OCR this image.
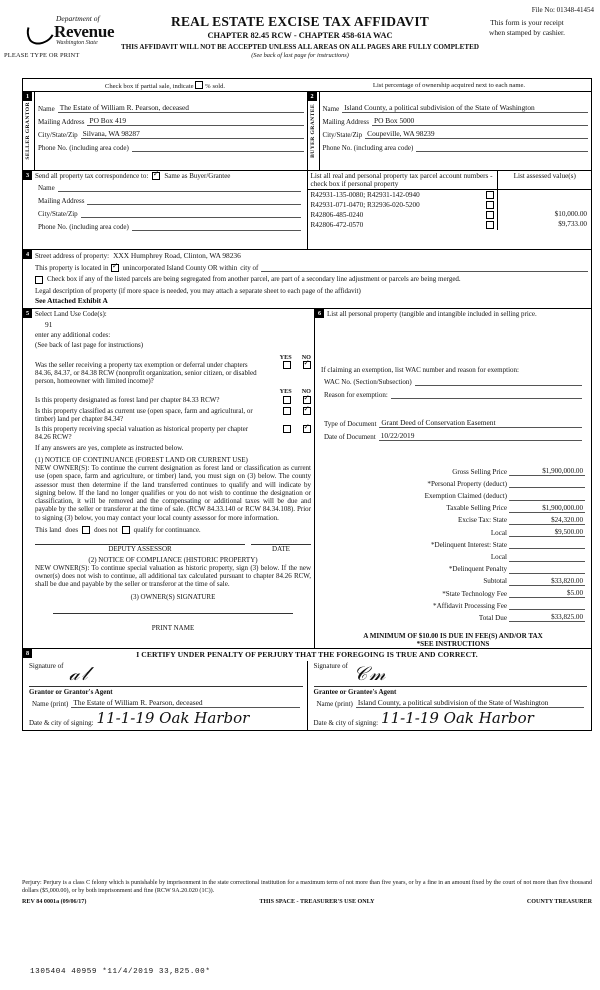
File No: 01348-41454
Department of
Revenue
Washington State
PLEASE TYPE OR PRINT
REAL ESTATE EXCISE TAX AFFIDAVIT
CHAPTER 82.45 RCW - CHAPTER 458-61A WAC
THIS AFFIDAVIT WILL NOT BE ACCEPTED UNLESS ALL AREAS ON ALL PAGES ARE FULLY COMPLETED
(See back of last page for instructions)
This form is your receipt
when stamped by cashier.
Check box if partial sale, indicate % sold.	List percentage of ownership acquired next to each name.
1
SELLER GRANTOR Name The Estate of William R. Pearson, deceased
Mailing Address PO Box 419
City/State/Zip Silvana, WA 98287
Phone No. (including area code)
2
BUYER GRANTEE Name Island County, a political subdivision of the State of Washington
Mailing Address PO Box 5000
City/State/Zip Coupeville, WA 98239
Phone No. (including area code)
3 Send all property tax correspondence to: ✓ Same as Buyer/Grantee
Name
Mailing Address
City/State/Zip
Phone No. (including area code)
List all real and personal property tax parcel account numbers - check box if personal property
List assessed value(s)
R42931-135-0080; R42931-142-0940
R42931-071-0470; R32936-020-5200
R42806-485-0240	$10,000.00
R42806-472-0570	$9,733.00
4 Street address of property: XXX Humphrey Road, Clinton, WA 98236
This property is located in ✓ unincorporated Island County OR within city of
Check box if any of the listed parcels are being segregated from another parcel, are part of a secondary line adjustment or parcels are being merged.
Legal description of property (if more space is needed, you may attach a separate sheet to each page of the affidavit)
See Attached Exhibit A
5 Select Land Use Code(s):
91
enter any additional codes:
(See back of last page for instructions)
YES NO
Was the seller receiving a property tax exemption or deferral under chapters 84.36, 84.37, or 84.38 RCW (nonprofit organization, senior citizen, or disabled person, homeowner with limited income)?
✓
YES NO
Is this property designated as forest land per chapter 84.33 RCW?
✓
Is this property classified as current use (open space, farm and agricultural, or timber) land per chapter 84.34?
✓
Is this property receiving special valuation as historical property per chapter 84.26 RCW?
✓
If any answers are yes, complete as instructed below.
(1) NOTICE OF CONTINUANCE (FOREST LAND OR CURRENT USE)
NEW OWNER(S): To continue the current designation as forest land or classification as current use (open space, farm and agriculture, or timber) land, you must sign on (3) below. The county assessor must then determine if the land transferred continues to qualify and will indicate by signing below. If the land no longer qualifies or you do not wish to continue the designation or classification, it will be removed and the compensating or additional taxes will be due and payable by the seller or transferor at the time of sale. (RCW 84.33.140 or RCW 84.34.108). Prior to signing (3) below, you may contact your local county assessor for more information.
This land does does not qualify for continuance.
DEPUTY ASSESSOR	DATE
(2) NOTICE OF COMPLIANCE (HISTORIC PROPERTY)
NEW OWNER(S): To continue special valuation as historic property, sign (3) below. If the new owner(s) does not wish to continue, all additional tax calculated pursuant to chapter 84.26 RCW, shall be due and payable by the seller or transferor at the time of sale.
(3) OWNER(S) SIGNATURE
PRINT NAME
6 List all personal property (tangible and intangible included in selling price.
If claiming an exemption, list WAC number and reason for exemption:
WAC No. (Section/Subsection)
Reason for exemption:
Type of Document Grant Deed of Conservation Easement
Date of Document 10/22/2019
Gross Selling Price	$1,900,000.00
*Personal Property (deduct)	
Exemption Claimed (deduct)	
Taxable Selling Price	$1,900,000.00
Excise Tax: State	$24,320.00
Local	$9,500.00
*Delinquent Interest: State	
Local	
*Delinquent Penalty	
Subtotal	$33,820.00
*State Technology Fee	$5.00
*Affidavit Processing Fee	
Total Due	$33,825.00
A MINIMUM OF $10.00 IS DUE IN FEE(S) AND/OR TAX
*SEE INSTRUCTIONS
8	I CERTIFY UNDER PENALTY OF PERJURY THAT THE FOREGOING IS TRUE AND CORRECT.
Signature of 𝒶 𝓁
Grantor or Grantor's Agent
Name (print) The Estate of William R. Pearson, deceased
Date & city of signing: 11-1-19 Oak Harbor
Signature of 𝒞 𝓂
Grantee or Grantee's Agent
Name (print) Island County, a political subdivision of the State of Washington
Date & city of signing: 11-1-19 Oak Harbor
Perjury: Perjury is a class C felony which is punishable by imprisonment in the state correctional institution for a maximum term of not more than five years, or by a fine in an amount fixed by the court of not more than five thousand dollars ($5,000.00), or by both imprisonment and fine (RCW 9A.20.020 (1C)).
REV 84 0001a (09/06/17)	THIS SPACE - TREASURER'S USE ONLY	COUNTY TREASURER
1305404 40959 *11/4/2019 33,825.00*
